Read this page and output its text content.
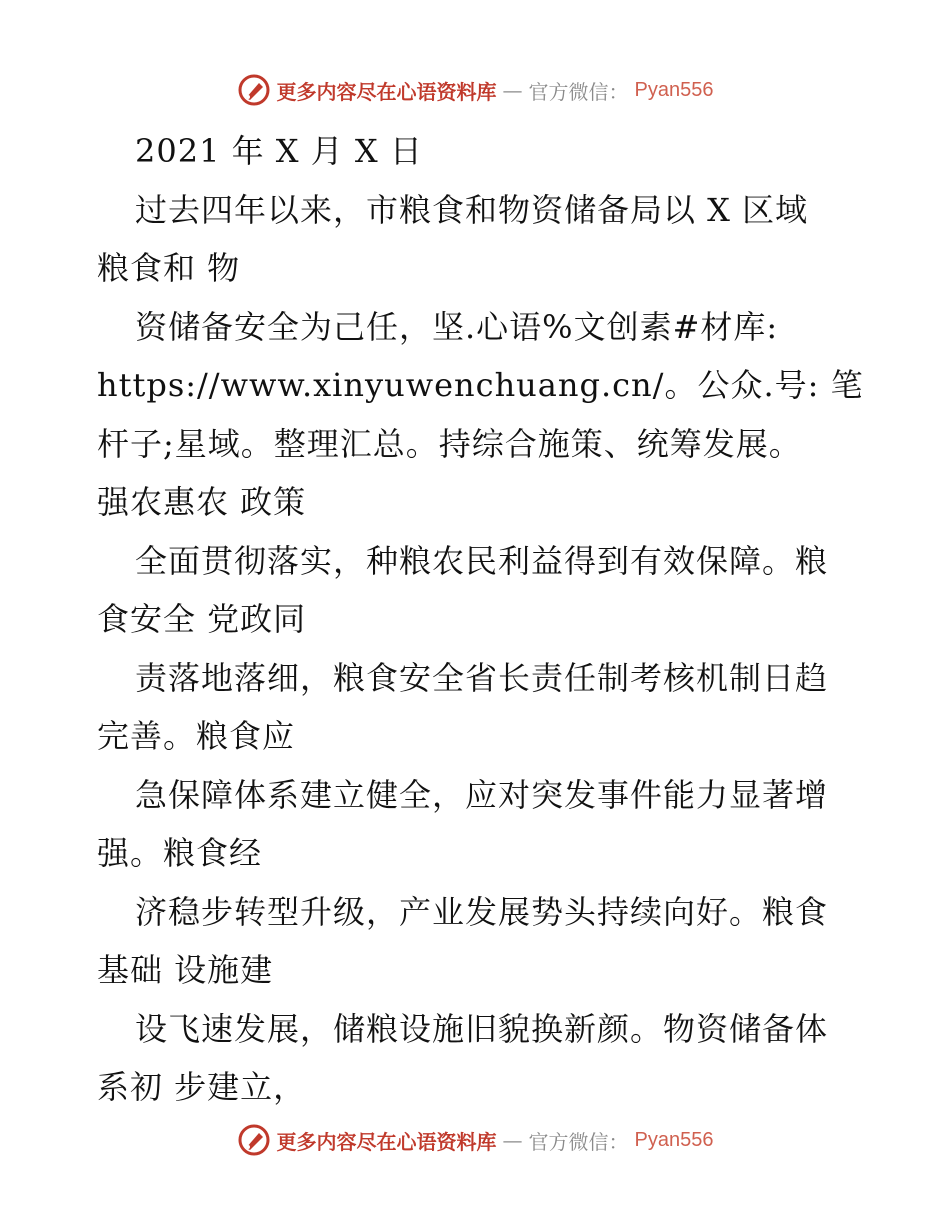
更多内容尽在心语资料库 — 官方微信： Pyan556
2021 年 X 月 X 日
过去四年以来，市粮食和物资储备局以 X 区域
粮食和 物
资储备安全为己任，坚.心语%文创素#材库:
https://www.xinyuwenchuang.cn/。公众.号: 笔
杆子;星域。整理汇总。持综合施策、统筹发展。
强农惠农 政策
全面贯彻落实，种粮农民利益得到有效保障。粮
食安全 党政同
责落地落细，粮食安全省长责任制考核机制日趋
完善。粮食应
急保障体系建立健全，应对突发事件能力显著增
强。粮食经
济稳步转型升级，产业发展势头持续向好。粮食
基础 设施建
设飞速发展，储粮设施旧貌换新颜。物资储备体
系初 步建立，
更多内容尽在心语资料库 — 官方微信： Pyan556
